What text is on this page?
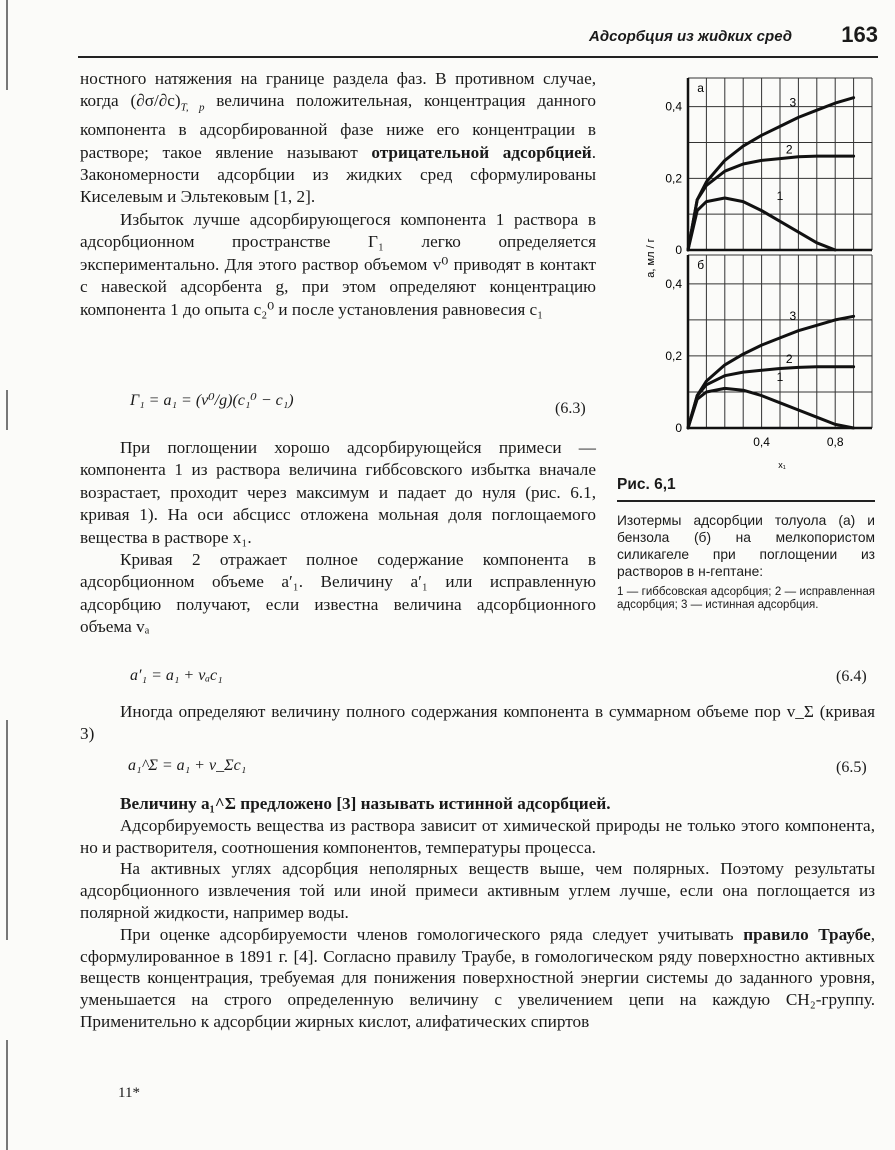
Адсорбция из жидких сред 163

ностного натяжения на границе раздела фаз. В противном случае, когда $(\partial\sigma/\partial c)_{T, p}$ величина положительная, концентрация данного компонента в адсорбированной фазе ниже его концентрации в растворе; такое явление называют отрицательной адсорбцией. Закономерности адсорбции из жидких сред сформулированы Киселевым и Эльтековым [1, 2].

Избыток лучше адсорбирующегося компонента 1 раствора в адсорбционном пространстве Γ₁ легко определяется экспериментально. Для этого раствор объемом v⁰ приводят в контакт с навеской адсорбента g, при этом определяют концентрацию компонента 1 до опыта c₂⁰ и после установления равновесия c₁

Γ₁ = a₁ = (v⁰/g)(c₁⁰ − c₁)	(6.3)

При поглощении хорошо адсорбирующейся примеси — компонента 1 из раствора величина гиббсовского избытка вначале возрастает, проходит через максимум и падает до нуля (рис. 6.1, кривая 1). На оси абсцисс отложена мольная доля поглощаемого вещества в растворе x₁.

Кривая 2 отражает полное содержание компонента в адсорбционном объеме a′₁. Величину a′₁ или исправленную адсорбцию получают, если известна величина адсорбционного объема vₐ

0,4
0,2
0
а
1
2
3
0,4
0,2
0
б
1
2
3
0,4	0,8
a, мл / г
x₁
Рис. 6,1
Изотермы адсорбции толуола (а) и бензола (б) на мелкопористом силикагеле при поглощении из растворов в н-гептане:
1 — гиббсовская адсорбция; 2 — исправленная адсорбция; 3 — истинная адсорбция.
a′₁ = a₁ + vₐc₁	(6.4)

Иногда определяют величину полного содержания компонента в суммарном объеме пор v_Σ (кривая 3)

a₁^Σ = a₁ + v_Σc₁	(6.5)

Величину a₁^Σ предложено [3] называть истинной адсорбцией.

Адсорбируемость вещества из раствора зависит от химической природы не только этого компонента, но и растворителя, соотношения компонентов, температуры процесса.

На активных углях адсорбция неполярных веществ выше, чем полярных. Поэтому результаты адсорбционного извлечения той или иной примеси активным углем лучше, если она поглощается из полярной жидкости, например воды.

При оценке адсорбируемости членов гомологического ряда следует учитывать правило Траубе, сформулированное в 1891 г. [4]. Согласно правилу Траубе, в гомологическом ряду поверхностно активных веществ концентрация, требуемая для понижения поверхностной энергии системы до заданного уровня, уменьшается на строго определенную величину с увеличением цепи на каждую CH₂-группу. Применительно к адсорбции жирных кислот, алифатических спиртов

11*
